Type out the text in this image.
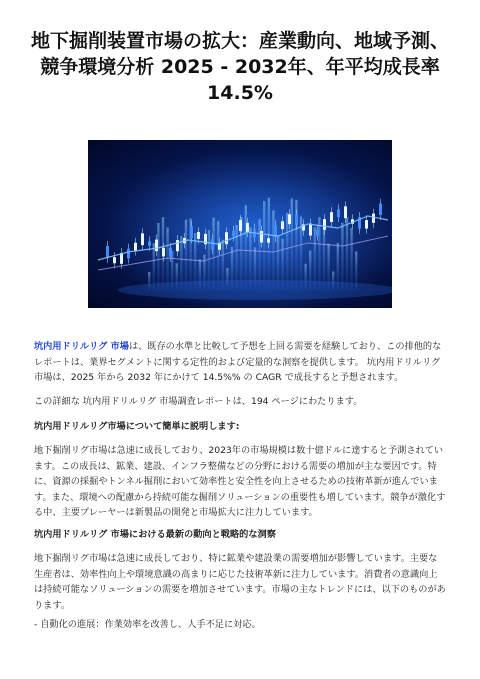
地下掘削装置市場の拡大：産業動向、地域予測、競争環境分析 2025 - 2032年、年平均成長率 14.5%

坑内用ドリルリグ 市場は、既存の水準と比較して予想を上回る需要を経験しており、この排他的なレポートは、業界セグメントに関する定性的および定量的な洞察を提供します。 坑内用ドリルリグ 市場は、2025 年から 2032 年にかけて 14.5%% の CAGR で成長すると予想されます。

この詳細な 坑内用ドリルリグ 市場調査レポートは、194 ページにわたります。

坑内用ドリルリグ市場について簡単に説明します:

地下掘削リグ市場は急速に成長しており、2023年の市場規模は数十億ドルに達すると予測されています。この成長は、鉱業、建設、インフラ整備などの分野における需要の増加が主な要因です。特に、資源の採掘やトンネル掘削において効率性と安全性を向上させるための技術革新が進んでいます。また、環境への配慮から持続可能な掘削ソリューションの重要性も増しています。競争が激化する中、主要プレーヤーは新製品の開発と市場拡大に注力しています。

坑内用ドリルリグ 市場における最新の動向と戦略的な洞察

地下掘削リグ市場は急速に成長しており、特に鉱業や建設業の需要増加が影響しています。主要な生産者は、効率性向上や環境意識の高まりに応じた技術革新に注力しています。消費者の意識向上は持続可能なソリューションの需要を増加させています。市場の主なトレンドには、以下のものがあります。

- 自動化の進展：作業効率を改善し、人手不足に対応。
